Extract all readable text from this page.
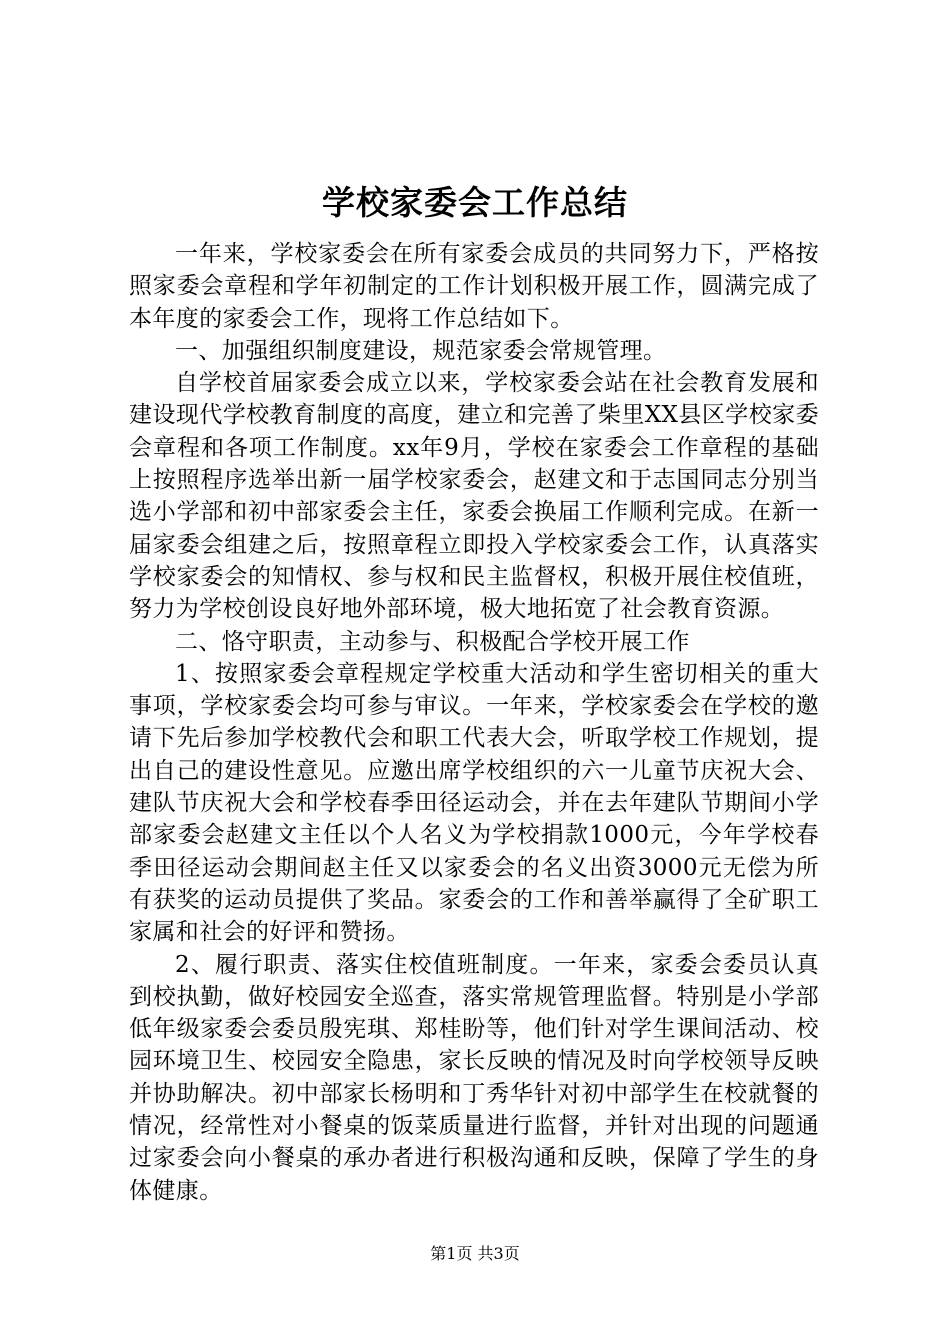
学校家委会工作总结

一年来，学校家委会在所有家委会成员的共同努力下，严格按照家委会章程和学年初制定的工作计划积极开展工作，圆满完成了本年度的家委会工作，现将工作总结如下。

一、加强组织制度建设，规范家委会常规管理。

自学校首届家委会成立以来，学校家委会站在社会教育发展和建设现代学校教育制度的高度，建立和完善了柴里XX县区学校家委会章程和各项工作制度。xx年9月，学校在家委会工作章程的基础上按照程序选举出新一届学校家委会，赵建文和于志国同志分别当选小学部和初中部家委会主任，家委会换届工作顺利完成。在新一届家委会组建之后，按照章程立即投入学校家委会工作，认真落实学校家委会的知情权、参与权和民主监督权，积极开展住校值班，努力为学校创设良好地外部环境，极大地拓宽了社会教育资源。

二、恪守职责，主动参与、积极配合学校开展工作

1、按照家委会章程规定学校重大活动和学生密切相关的重大事项，学校家委会均可参与审议。一年来，学校家委会在学校的邀请下先后参加学校教代会和职工代表大会，听取学校工作规划，提出自己的建设性意见。应邀出席学校组织的六一儿童节庆祝大会、建队节庆祝大会和学校春季田径运动会，并在去年建队节期间小学部家委会赵建文主任以个人名义为学校捐款1000元，今年学校春季田径运动会期间赵主任又以家委会的名义出资3000元无偿为所有获奖的运动员提供了奖品。家委会的工作和善举赢得了全矿职工家属和社会的好评和赞扬。

2、履行职责、落实住校值班制度。一年来，家委会委员认真到校执勤，做好校园安全巡查，落实常规管理监督。特别是小学部低年级家委会委员殷宪琪、郑桂盼等，他们针对学生课间活动、校园环境卫生、校园安全隐患，家长反映的情况及时向学校领导反映并协助解决。初中部家长杨明和丁秀华针对初中部学生在校就餐的情况，经常性对小餐桌的饭菜质量进行监督，并针对出现的问题通过家委会向小餐桌的承办者进行积极沟通和反映，保障了学生的身体健康。

第1页 共3页
